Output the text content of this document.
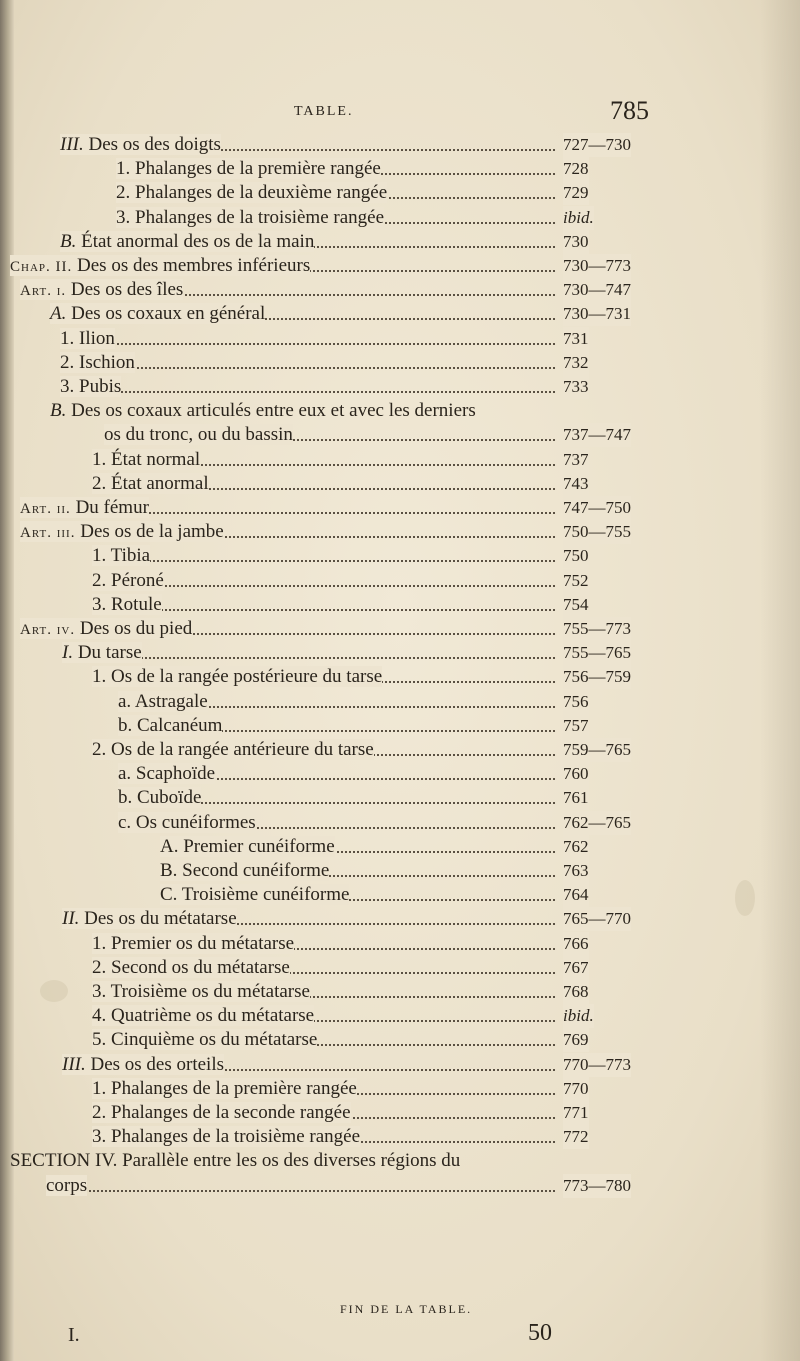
TABLE.	785
III. Des os des doigts	727—730
1. Phalanges de la première rangée	728
2. Phalanges de la deuxième rangée	729
3. Phalanges de la troisième rangée	ibid.
B. État anormal des os de la main	730
Chap. II. Des os des membres inférieurs	730—773
Art. i. Des os des îles	730—747
A. Des os coxaux en général	730—731
1. Ilion	731
2. Ischion	732
3. Pubis	733
B. Des os coxaux articulés entre eux et avec les derniers
os du tronc, ou du bassin	737—747
1. État normal	737
2. État anormal	743
Art. ii. Du fémur	747—750
Art. iii. Des os de la jambe	750—755
1. Tibia	750
2. Péroné	752
3. Rotule	754
Art. iv. Des os du pied	755—773
I. Du tarse	755—765
1. Os de la rangée postérieure du tarse	756—759
a. Astragale	756
b. Calcanéum	757
2. Os de la rangée antérieure du tarse	759—765
a. Scaphoïde	760
b. Cuboïde	761
c. Os cunéiformes	762—765
A. Premier cunéiforme	762
B. Second cunéiforme	763
C. Troisième cunéiforme	764
II. Des os du métatarse	765—770
1. Premier os du métatarse	766
2. Second os du métatarse	767
3. Troisième os du métatarse	768
4. Quatrième os du métatarse	ibid.
5. Cinquième os du métatarse	769
III. Des os des orteils	770—773
1. Phalanges de la première rangée	770
2. Phalanges de la seconde rangée	771
3. Phalanges de la troisième rangée	772
SECTION IV. Parallèle entre les os des diverses régions du
corps	773—780
FIN DE LA TABLE.
I.	50
